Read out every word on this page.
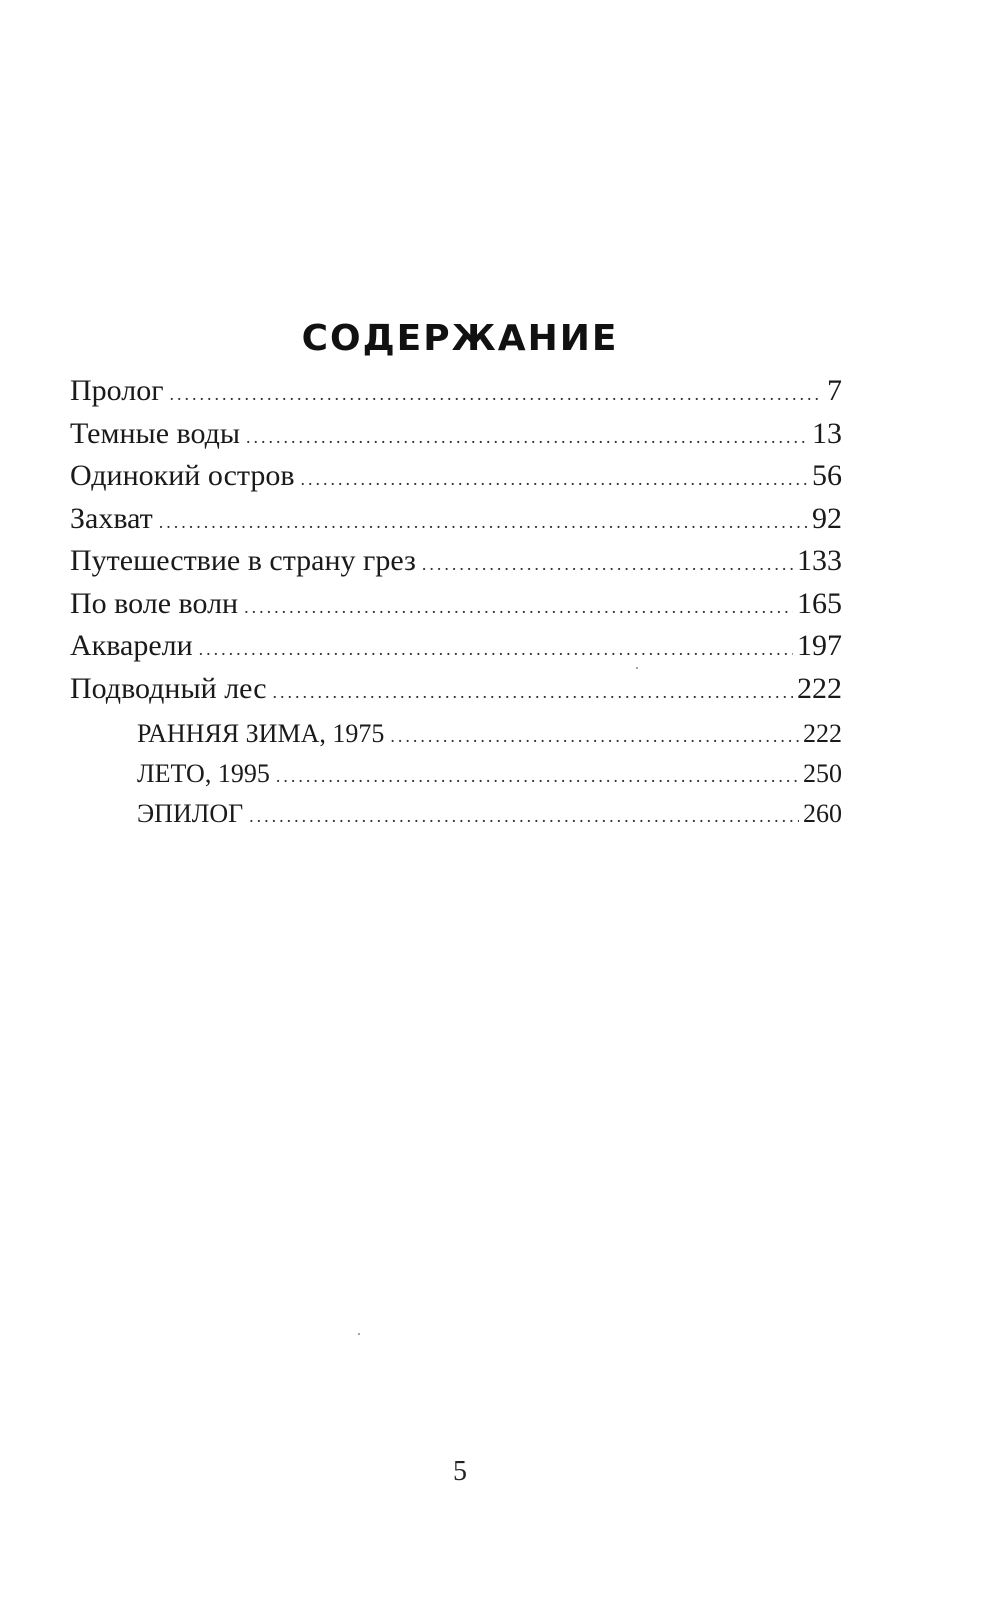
СОДЕРЖАНИЕ
Пролог .....	7
Темные воды .....	13
Одинокий остров .....	56
Захват .....	92
Путешествие в страну грез .....	133
По воле волн .....	165
Акварели .....	197
Подводный лес .....	222
РАННЯЯ ЗИМА, 1975 .....	222
ЛЕТО, 1995 .....	250
ЭПИЛОГ .....	260
5
